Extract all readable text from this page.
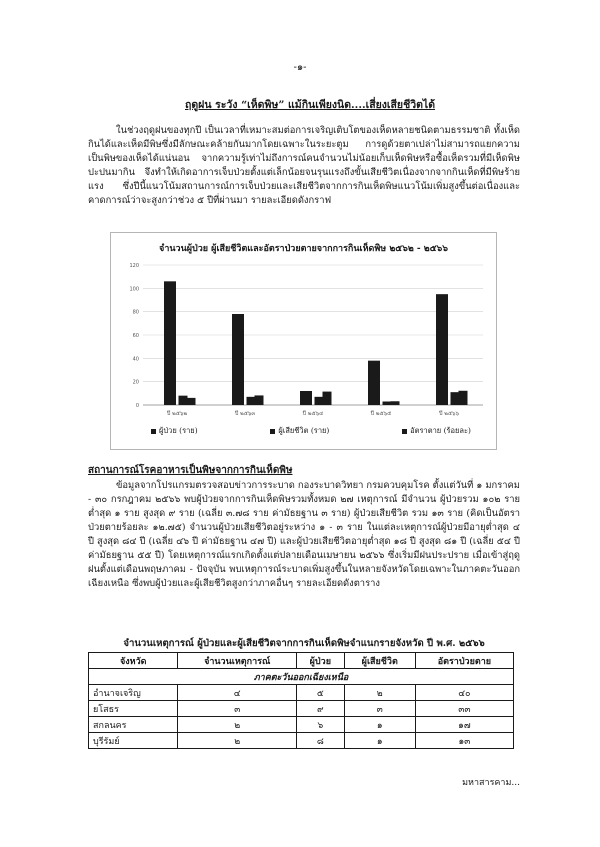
-๑-
ฤดูฝน ระวัง “เห็ดพิษ” แม้กินเพียงนิด....เสี่ยงเสียชีวิตได้

ในช่วงฤดูฝนของทุกปี เป็นเวลาที่เหมาะสมต่อการเจริญเติบโตของเห็ดหลายชนิดตามธรรมชาติ ทั้งเห็ดกินได้และเห็ดมีพิษซึ่งมีลักษณะคล้ายกันมากโดยเฉพาะในระยะตูม การดูด้วยตาเปล่าไม่สามารถแยกความเป็นพิษของเห็ดได้แน่นอน จากความรู้เท่าไม่ถึงการณ์คนจำนวนไม่น้อยเก็บเห็ดพิษหรือซื้อเห็ดรวมที่มีเห็ดพิษปะปนมากิน จึงทำให้เกิดอาการเจ็บป่วยตั้งแต่เล็กน้อยจนรุนแรงถึงขั้นเสียชีวิตเนื่องจากจากกินเห็ดที่มีพิษร้ายแรง ซึ่งปีนี้แนวโน้มสถานการณ์การเจ็บป่วยและเสียชีวิตจากการกินเห็ดพิษแนวโน้มเพิ่มสูงขึ้นต่อเนื่องและคาดการณ์ว่าจะสูงกว่าช่วง ๕ ปีที่ผ่านมา รายละเอียดดังกราฟ

0
20
40
60
80
100
120
ปี ๒๕๖๒	ปี ๒๕๖๓	ปี ๒๕๖๔	ปี ๒๕๖๕	ปี ๒๕๖๖
จำนวนผู้ป่วย ผู้เสียชีวิตและอัตราป่วยตายจากการกินเห็ดพิษ ๒๕๖๒ - ๒๕๖๖
ผู้ป่วย (ราย)	ผู้เสียชีวิต (ราย)	อัตราตาย (ร้อยละ)
สถานการณ์โรคอาหารเป็นพิษจากการกินเห็ดพิษ

ข้อมูลจากโปรแกรมตรวจสอบข่าวการระบาด กองระบาดวิทยา กรมควบคุมโรค ตั้งแต่วันที่ ๑ มกราคม - ๓๐ กรกฎาคม ๒๕๖๖ พบผู้ป่วยจากการกินเห็ดพิษรวมทั้งหมด ๒๗ เหตุการณ์ มีจำนวน ผู้ป่วยรวม ๑๐๒ ราย ต่ำสุด ๑ ราย สูงสุด ๙ ราย (เฉลี่ย ๓.๗๘ ราย ค่ามัธยฐาน ๓ ราย) ผู้ป่วยเสียชีวิต รวม ๑๓ ราย (คิดเป็นอัตราป่วยตายร้อยละ ๑๒.๗๕) จำนวนผู้ป่วยเสียชีวิตอยู่ระหว่าง ๑ - ๓ ราย ในแต่ละเหตุการณ์ผู้ป่วยมีอายุต่ำสุด ๔ ปี สูงสุด ๘๔ ปี (เฉลี่ย ๔๖ ปี ค่ามัธยฐาน ๔๗ ปี) และผู้ป่วยเสียชีวิตอายุต่ำสุด ๑๘ ปี สูงสุด ๘๑ ปี (เฉลี่ย ๕๔ ปี ค่ามัธยฐาน ๕๕ ปี) โดยเหตุการณ์แรกเกิดตั้งแต่ปลายเดือนเมษายน ๒๕๖๖ ซึ่งเริ่มมีฝนประปราย เมื่อเข้าสู่ฤดูฝนตั้งแต่เดือนพฤษภาคม - ปัจจุบัน พบเหตุการณ์ระบาดเพิ่มสูงขึ้นในหลายจังหวัดโดยเฉพาะในภาคตะวันออกเฉียงเหนือ ซึ่งพบผู้ป่วยและผู้เสียชีวิตสูงกว่าภาคอื่นๆ รายละเอียดดังตาราง

จำนวนเหตุการณ์ ผู้ป่วยและผู้เสียชีวิตจากการกินเห็ดพิษจำแนกรายจังหวัด ปี พ.ศ. ๒๕๖๖
จังหวัด	จำนวนเหตุการณ์	ผู้ป่วย	ผู้เสียชีวิต	อัตราป่วยตาย
ภาคตะวันออกเฉียงเหนือ				
อำนาจเจริญ	๔	๕	๒	๔๐
ยโสธร	๓	๙	๓	๓๓
สกลนคร	๒	๖	๑	๑๗
บุรีรัมย์	๒	๘	๑	๑๓
มหาสารคาม...
